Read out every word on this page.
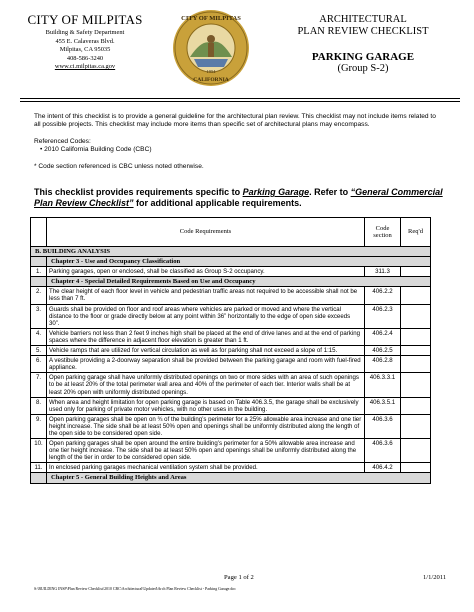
CITY OF MILPITAS
Building & Safety Department
455 E. Calaveras Blvd.
Milpitas, CA 95035
408-586-3240
www.ci.milpitas.ca.gov
CITY OF MILPITAS
CALIFORNIA
1954
ARCHITECTURAL
PLAN REVIEW CHECKLIST
PARKING GARAGE
(Group S-2)

The intent of this checklist is to provide a general guideline for the architectural plan review. This checklist may not include items related to all possible projects. This checklist may include more items than specific set of architectural plans may encompass.

Referenced Codes:

• 2010 California Building Code (CBC)

* Code section referenced is CBC unless noted otherwise.

This checklist provides requirements specific to Parking Garage. Refer to “General Commercial Plan Review Checklist” for additional applicable requirements.
	Code Requirements	Code section	Req'd
B. BUILDING ANALYSIS			
	Chapter 3 - Use and Occupancy Classification		
1.	Parking garages, open or enclosed, shall be classified as Group S-2 occupancy.	311.3	
	Chapter 4 - Special Detailed Requirements Based on Use and Occupancy		
2.	The clear height of each floor level in vehicle and pedestrian traffic areas not required to be accessible shall not be less than 7 ft.	406.2.2	
3.	Guards shall be provided on floor and roof areas where vehicles are parked or moved and where the vertical distance to the floor or grade directly below at any point within 36” horizontally to the edge of open side exceeds 30”.	406.2.3	
4.	Vehicle barriers not less than 2 feet 9 inches high shall be placed at the end of drive lanes and at the end of parking spaces where the difference in adjacent floor elevation is greater than 1 ft.	406.2.4	
5.	Vehicle ramps that are utilized for vertical circulation as well as for parking shall not exceed a slope of 1:15.	406.2.5	
6.	A vestibule providing a 2-doorway separation shall be provided between the parking garage and room with fuel-fired appliance.	406.2.8	
7.	Open parking garage shall have uniformly distributed openings on two or more sides with an area of such openings to be at least 20% of the total perimeter wall area and 40% of the perimeter of each tier. Interior walls shall be at least 20% open with uniformly distributed openings.	406.3.3.1	
8.	When area and height limitation for open parking garage is based on Table 406.3.5, the garage shall be exclusively used only for parking of private motor vehicles, with no other uses in the building.	406.3.5.1	
9.	Open parking garages shall be open on ¾ of the building’s perimeter for a 25% allowable area increase and one tier height increase. The side shall be at least 50% open and openings shall be uniformly distributed along the length of the open side to be considered open side.	406.3.6	
10.	Open parking garages shall be open around the entire building’s perimeter for a 50% allowable area increase and one tier height increase. The side shall be at least 50% open and openings shall be uniformly distributed along the length of the tier in order to be considered open side.	406.3.6	
11.	In enclosed parking garages mechanical ventilation system shall be provided.	406.4.2	
	Chapter 5 - General Building Heights and Areas		
Page 1 of 2	1/1/2011
S:\BUILDING INSP\Plan Review Checklist\2010 CBC\Architectural\Updated\Arch Plan Review Checklist - Parking Garage.doc
